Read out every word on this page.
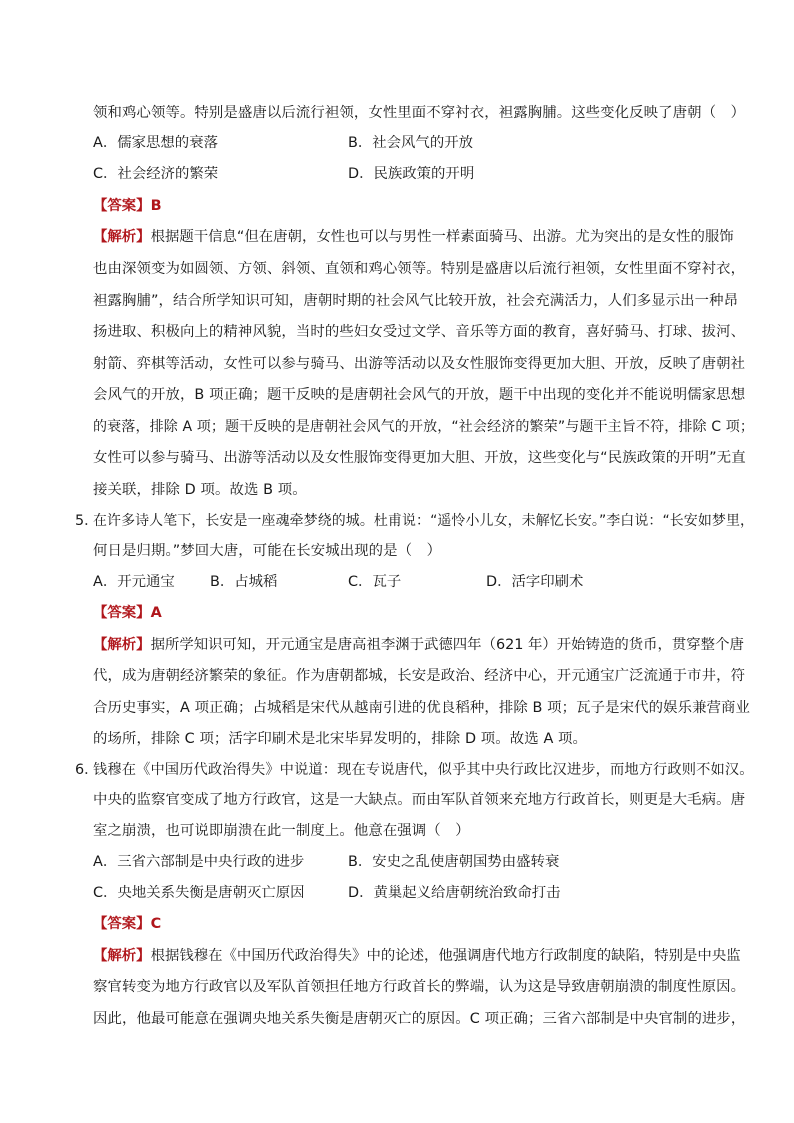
领和鸡心领等。特别是盛唐以后流行袒领，女性里面不穿衬衣，袒露胸脯。这些变化反映了唐朝（　）
A．儒家思想的衰落	B．社会风气的开放
C．社会经济的繁荣	D．民族政策的开明
【答案】B
【解析】根据题干信息“但在唐朝，女性也可以与男性一样素面骑马、出游。尤为突出的是女性的服饰
也由深领变为如圆领、方领、斜领、直领和鸡心领等。特别是盛唐以后流行袒领，女性里面不穿衬衣，
袒露胸脯”，结合所学知识可知，唐朝时期的社会风气比较开放，社会充满活力，人们多显示出一种昂
扬进取、积极向上的精神风貌，当时的些妇女受过文学、音乐等方面的教育，喜好骑马、打球、拔河、
射箭、弈棋等活动，女性可以参与骑马、出游等活动以及女性服饰变得更加大胆、开放，反映了唐朝社
会风气的开放，B 项正确；题干反映的是唐朝社会风气的开放，题干中出现的变化并不能说明儒家思想
的衰落，排除 A 项；题干反映的是唐朝社会风气的开放，“社会经济的繁荣”与题干主旨不符，排除 C 项；
女性可以参与骑马、出游等活动以及女性服饰变得更加大胆、开放，这些变化与“民族政策的开明”无直
接关联，排除 D 项。故选 B 项。
5．
在许多诗人笔下，长安是一座魂牵梦绕的城。杜甫说：“遥怜小儿女，未解忆长安。”李白说：“长安如梦里，
何日是归期。”梦回大唐，可能在长安城出现的是（　）
A．开元通宝 B．占城稻	C．瓦子	D．活字印刷术
【答案】A
【解析】据所学知识可知，开元通宝是唐高祖李渊于武德四年（621 年）开始铸造的货币，贯穿整个唐
代，成为唐朝经济繁荣的象征。作为唐朝都城，长安是政治、经济中心，开元通宝广泛流通于市井，符
合历史事实，A 项正确；占城稻是宋代从越南引进的优良稻种，排除 B 项；瓦子是宋代的娱乐兼营商业
的场所，排除 C 项；活字印刷术是北宋毕昇发明的，排除 D 项。故选 A 项。
6．
钱穆在《中国历代政治得失》中说道：现在专说唐代，似乎其中央行政比汉进步，而地方行政则不如汉。
中央的监察官变成了地方行政官，这是一大缺点。而由军队首领来充地方行政首长，则更是大毛病。唐
室之崩溃，也可说即崩溃在此一制度上。他意在强调（　）
A．三省六部制是中央行政的进步	B．安史之乱使唐朝国势由盛转衰
C．央地关系失衡是唐朝灭亡原因	D．黄巢起义给唐朝统治致命打击
【答案】C
【解析】根据钱穆在《中国历代政治得失》中的论述，他强调唐代地方行政制度的缺陷，特别是中央监
察官转变为地方行政官以及军队首领担任地方行政首长的弊端，认为这是导致唐朝崩溃的制度性原因。
因此，他最可能意在强调央地关系失衡是唐朝灭亡的原因。C 项正确；三省六部制是中央官制的进步，
